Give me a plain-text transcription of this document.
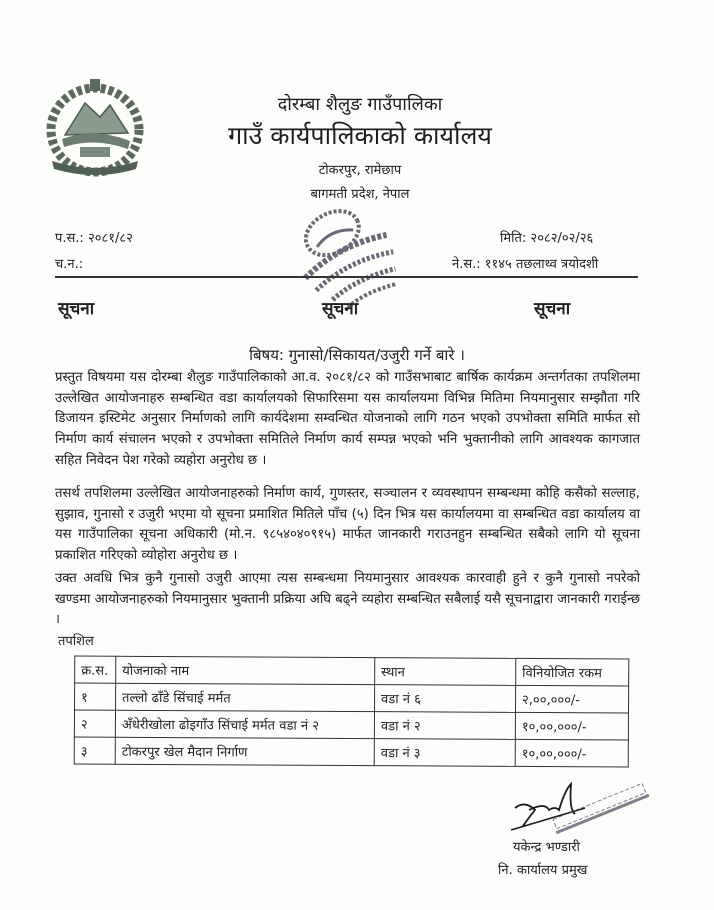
दोरम्बा शैलुङ गाउँपालिका
गाउँ कार्यपालिकाको कार्यालय
टोकरपुर, रामेछाप
बागमती प्रदेश, नेपाल
प.स.: २०८१/८२
च.न.:
मिति: २०८२/०२/२६
ने.स.: ११४५ तछलाथ्व त्रयोदशी
सूचना	सूचना	सूचना
बिषय: गुनासो/सिकायत/उजुरी गर्ने बारे ।
प्रस्तुत विषयमा यस दोरम्बा शैलुङ गाउँपालिकाको आ.व. २०८१/८२ को गाउँसभाबाट बार्षिक कार्यक्रम अन्तर्गतका तपशिलमा उल्लेखित आयोजनाहरु सम्बन्धित वडा कार्यालयको सिफारिसमा यस कार्यालयमा विभिन्न मितिमा नियमानुसार सम्झौता गरि डिजायन इस्टिमेट अनुसार निर्माणको लागि कार्यदेशमा सम्वन्धित योजनाको लागि गठन भएको उपभोक्ता समिति मार्फत सो निर्माण कार्य संचालन भएको र उपभोक्ता समितिले निर्माण कार्य सम्पन्न भएको भनि भुक्तानीको लागि आवश्यक कागजात सहित निवेदन पेश गरेको व्यहोरा अनुरोध छ ।
तसर्थ तपशिलमा उल्लेखित आयोजनाहरुको निर्माण कार्य, गुणस्तर, सञ्चालन र व्यवस्थापन सम्बन्धमा कोहि कसैको सल्लाह, सुझाव, गुनासो र उजुरी भएमा यो सूचना प्रमाशित मितिले पाँच (५) दिन भित्र यस कार्यालयमा वा सम्बन्धित वडा कार्यालय वा यस गाउँपालिका सूचना अधिकारी (मो.न. ९८५४०४०९१५) मार्फत जानकारी गराउनहुन सम्बन्धित सबैको लागि यो सूचना प्रकाशित गरिएको व्योहोरा अनुरोध छ ।
उक्त अवधि भित्र कुनै गुनासो उजुरी आएमा त्यस सम्बन्धमा नियमानुसार आवश्यक कारवाही हुने र कुनै गुनासो नपरेको खण्डमा आयोजनाहरुको नियमानुसार भुक्तानी प्रक्रिया अघि बढ्ने व्यहोरा सम्बन्धित सबैलाई यसै सूचनाद्वारा जानकारी गराईन्छ ।
तपशिल
क्र.स.	योजनाको नाम	स्थान	विनियोजित रकम
१	तल्लो ढाँडे सिंचाई मर्मत	वडा नं ६	२,००,०००/-
२	अँधेरीखोला ढोइगाँउ सिंचाई मर्मत वडा नं २	वडा नं २	१०,००,०००/-
३	टोकरपुर खेल मैदान निर्गाण	वडा नं ३	१०,००,०००/-
यकेन्द्र भण्डारी
नि. कार्यालय प्रमुख
